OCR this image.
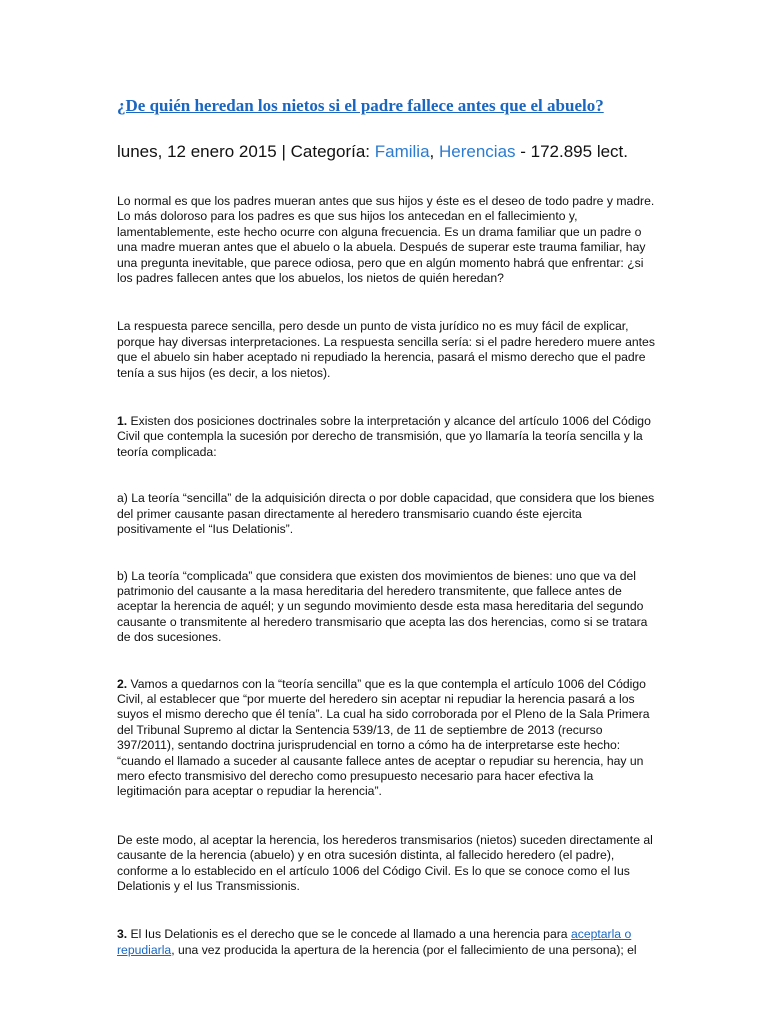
¿De quién heredan los nietos si el padre fallece antes que el abuelo?
lunes, 12 enero 2015 | Categoría: Familia, Herencias - 172.895 lect.

Lo normal es que los padres mueran antes que sus hijos y éste es el deseo de todo padre y madre. Lo más doloroso para los padres es que sus hijos los antecedan en el fallecimiento y, lamentablemente, este hecho ocurre con alguna frecuencia. Es un drama familiar que un padre o una madre mueran antes que el abuelo o la abuela. Después de superar este trauma familiar, hay una pregunta inevitable, que parece odiosa, pero que en algún momento habrá que enfrentar: ¿si los padres fallecen antes que los abuelos, los nietos de quién heredan?

La respuesta parece sencilla, pero desde un punto de vista jurídico no es muy fácil de explicar, porque hay diversas interpretaciones. La respuesta sencilla sería: si el padre heredero muere antes que el abuelo sin haber aceptado ni repudiado la herencia, pasará el mismo derecho que el padre tenía a sus hijos (es decir, a los nietos).

1. Existen dos posiciones doctrinales sobre la interpretación y alcance del artículo 1006 del Código Civil que contempla la sucesión por derecho de transmisión, que yo llamaría la teoría sencilla y la teoría complicada:

a) La teoría “sencilla” de la adquisición directa o por doble capacidad, que considera que los bienes del primer causante pasan directamente al heredero transmisario cuando éste ejercita positivamente el “Ius Delationis”.

b) La teoría “complicada” que considera que existen dos movimientos de bienes: uno que va del patrimonio del causante a la masa hereditaria del heredero transmitente, que fallece antes de aceptar la herencia de aquél; y un segundo movimiento desde esta masa hereditaria del segundo causante o transmitente al heredero transmisario que acepta las dos herencias, como si se tratara de dos sucesiones.

2. Vamos a quedarnos con la “teoría sencilla” que es la que contempla el artículo 1006 del Código Civil, al establecer que “por muerte del heredero sin aceptar ni repudiar la herencia pasará a los suyos el mismo derecho que él tenía”. La cual ha sido corroborada por el Pleno de la Sala Primera del Tribunal Supremo al dictar la Sentencia 539/13, de 11 de septiembre de 2013 (recurso 397/2011), sentando doctrina jurisprudencial en torno a cómo ha de interpretarse este hecho: “cuando el llamado a suceder al causante fallece antes de aceptar o repudiar su herencia, hay un mero efecto transmisivo del derecho como presupuesto necesario para hacer efectiva la legitimación para aceptar o repudiar la herencia”.

De este modo, al aceptar la herencia, los herederos transmisarios (nietos) suceden directamente al causante de la herencia (abuelo) y en otra sucesión distinta, al fallecido heredero (el padre), conforme a lo establecido en el artículo 1006 del Código Civil. Es lo que se conoce como el Ius Delationis y el Ius Transmissionis.

3. El Ius Delationis es el derecho que se le concede al llamado a una herencia para aceptarla o repudiarla, una vez producida la apertura de la herencia (por el fallecimiento de una persona); el
